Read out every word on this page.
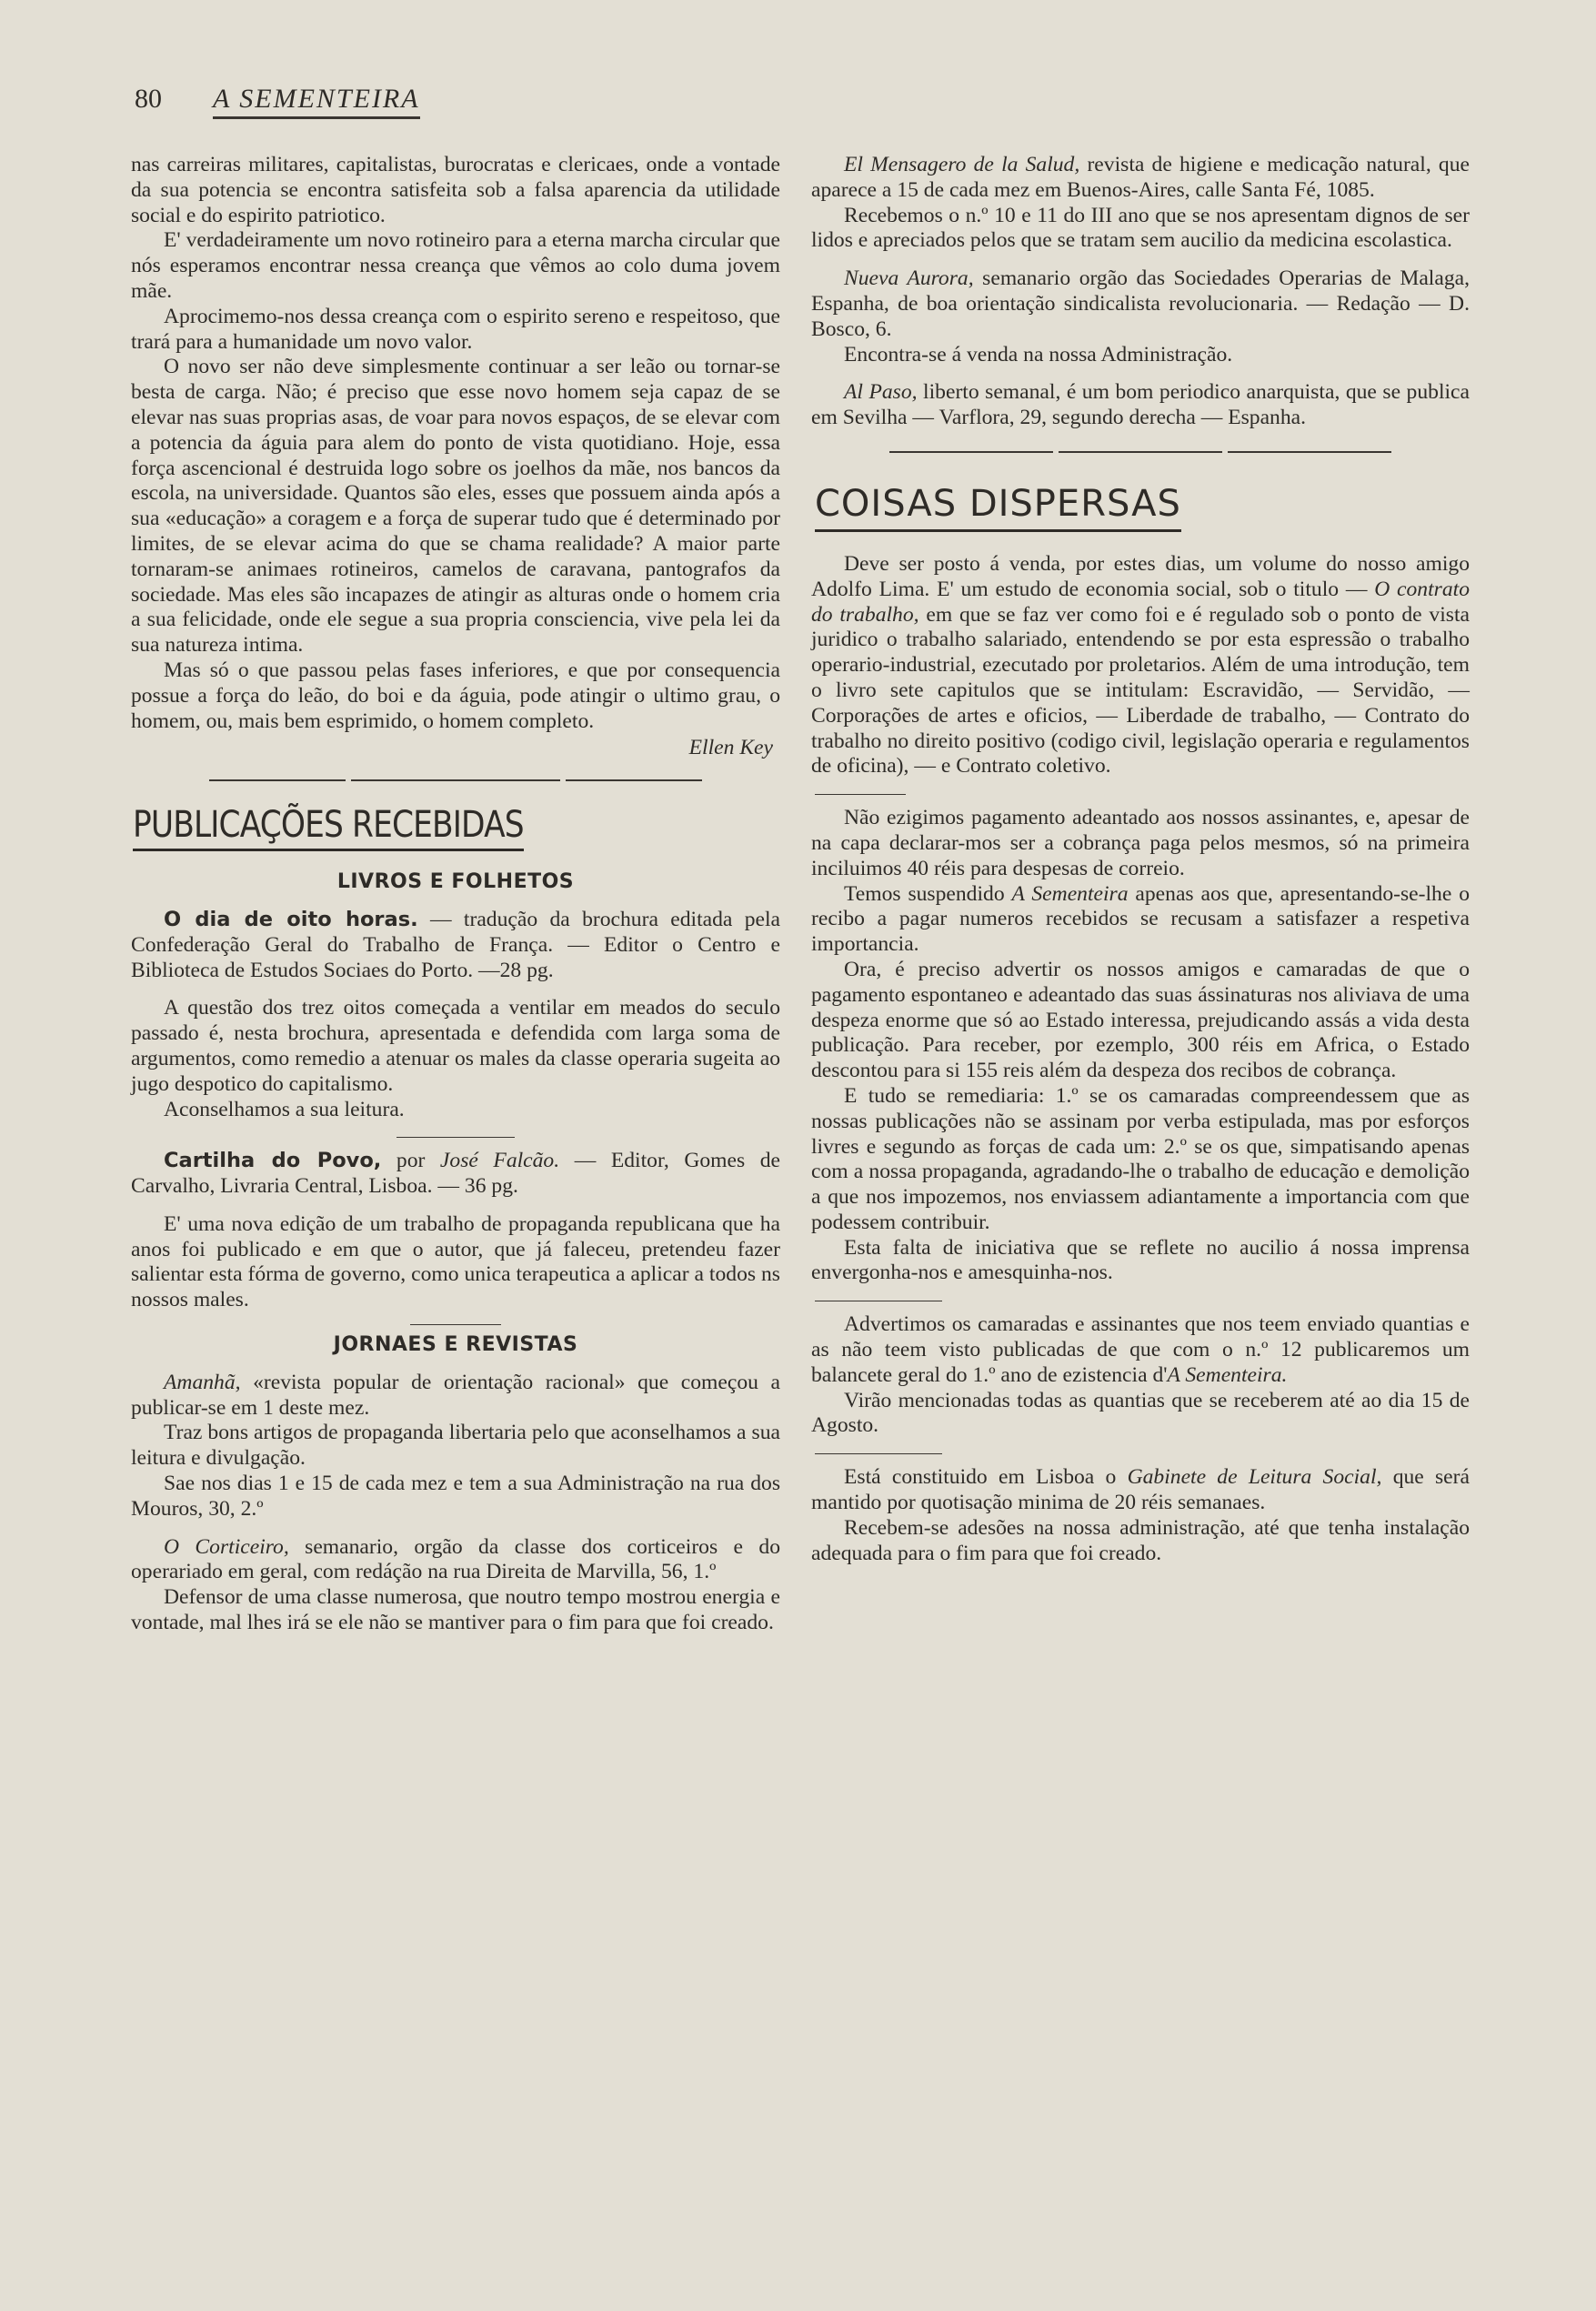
80 A SEMENTEIRA

nas carreiras militares, capitalistas, burocratas e clericaes, onde a vontade da sua potencia se encontra satisfeita sob a falsa aparencia da utilidade social e do espirito patriotico.

E' verdadeiramente um novo rotineiro para a eterna marcha circular que nós esperamos encontrar nessa creança que vêmos ao colo duma jovem mãe.

Aprocimemo-nos dessa creança com o espirito sereno e respeitoso, que trará para a humanidade um novo valor.

O novo ser não deve simplesmente continuar a ser leão ou tornar-se besta de carga. Não; é preciso que esse novo homem seja capaz de se elevar nas suas proprias asas, de voar para novos espaços, de se elevar com a potencia da águia para alem do ponto de vista quotidiano. Hoje, essa força ascencional é destruida logo sobre os joelhos da mãe, nos bancos da escola, na universidade. Quantos são eles, esses que possuem ainda após a sua «educação» a coragem e a força de superar tudo que é determinado por limites, de se elevar acima do que se chama realidade? A maior parte tornaram-se animaes rotineiros, camelos de caravana, pantografos da sociedade. Mas eles são incapazes de atingir as alturas onde o homem cria a sua felicidade, onde ele segue a sua propria consciencia, vive pela lei da sua natureza intima.

Mas só o que passou pelas fases inferiores, e que por consequencia possue a força do leão, do boi e da águia, pode atingir o ultimo grau, o homem, ou, mais bem esprimido, o homem completo.

Ellen Key

PUBLICAÇÕES RECEBIDAS
LIVROS E FOLHETOS

O dia de oito horas. — tradução da brochura editada pela Confederação Geral do Trabalho de França. — Editor o Centro e Biblioteca de Estudos Sociaes do Porto. —28 pg.

A questão dos trez oitos começada a ventilar em meados do seculo passado é, nesta brochura, apresentada e defendida com larga soma de argumentos, como remedio a atenuar os males da classe operaria sugeita ao jugo despotico do capitalismo.

Aconselhamos a sua leitura.

Cartilha do Povo, por José Falcão. — Editor, Gomes de Carvalho, Livraria Central, Lisboa. — 36 pg.

E' uma nova edição de um trabalho de propaganda republicana que ha anos foi publicado e em que o autor, que já faleceu, pretendeu fazer salientar esta fórma de governo, como unica terapeutica a aplicar a todos ns nossos males.

JORNAES E REVISTAS

Amanhã, «revista popular de orientação racional» que começou a publicar-se em 1 deste mez.

Traz bons artigos de propaganda libertaria pelo que aconselhamos a sua leitura e divulgação.

Sae nos dias 1 e 15 de cada mez e tem a sua Administração na rua dos Mouros, 30, 2.º

O Corticeiro, semanario, orgão da classe dos corticeiros e do operariado em geral, com redáção na rua Direita de Marvilla, 56, 1.º

Defensor de uma classe numerosa, que noutro tempo mostrou energia e vontade, mal lhes irá se ele não se mantiver para o fim para que foi creado.

El Mensagero de la Salud, revista de higiene e medicação natural, que aparece a 15 de cada mez em Buenos-Aires, calle Santa Fé, 1085.

Recebemos o n.º 10 e 11 do III ano que se nos apresentam dignos de ser lidos e apreciados pelos que se tratam sem aucilio da medicina escolastica.

Nueva Aurora, semanario orgão das Sociedades Operarias de Malaga, Espanha, de boa orientação sindicalista revolucionaria. — Redação — D. Bosco, 6.

Encontra-se á venda na nossa Administração.

Al Paso, liberto semanal, é um bom periodico anarquista, que se publica em Sevilha — Varflora, 29, segundo derecha — Espanha.

COISAS DISPERSAS

Deve ser posto á venda, por estes dias, um volume do nosso amigo Adolfo Lima. E' um estudo de economia social, sob o titulo — O contrato do trabalho, em que se faz ver como foi e é regulado sob o ponto de vista juridico o trabalho salariado, entendendo se por esta espressão o trabalho operario-industrial, ezecutado por proletarios. Além de uma introdução, tem o livro sete capitulos que se intitulam: Escravidão, — Servidão, — Corporações de artes e oficios, — Liberdade de trabalho, — Contrato do trabalho no direito positivo (codigo civil, legislação operaria e regulamentos de oficina), — e Contrato coletivo.

Não ezigimos pagamento adeantado aos nossos assinantes, e, apesar de na capa declarar-mos ser a cobrança paga pelos mesmos, só na primeira inciluimos 40 réis para despesas de correio.

Temos suspendido A Sementeira apenas aos que, apresentando-se-lhe o recibo a pagar numeros recebidos se recusam a satisfazer a respetiva importancia.

Ora, é preciso advertir os nossos amigos e camaradas de que o pagamento espontaneo e adeantado das suas ássinaturas nos aliviava de uma despeza enorme que só ao Estado interessa, prejudicando assás a vida desta publicação. Para receber, por ezemplo, 300 réis em Africa, o Estado descontou para si 155 reis além da despeza dos recibos de cobrança.

E tudo se remediaria: 1.º se os camaradas compreendessem que as nossas publicações não se assinam por verba estipulada, mas por esforços livres e segundo as forças de cada um: 2.º se os que, simpatisando apenas com a nossa propaganda, agradando-lhe o trabalho de educação e demolição a que nos impozemos, nos enviassem adiantamente a importancia com que podessem contribuir.

Esta falta de iniciativa que se reflete no aucilio á nossa imprensa envergonha-nos e amesquinha-nos.

Advertimos os camaradas e assinantes que nos teem enviado quantias e as não teem visto publicadas de que com o n.º 12 publicaremos um balancete geral do 1.º ano de ezistencia d'A Sementeira.

Virão mencionadas todas as quantias que se receberem até ao dia 15 de Agosto.

Está constituido em Lisboa o Gabinete de Leitura Social, que será mantido por quotisação minima de 20 réis semanaes.

Recebem-se adesões na nossa administração, até que tenha instalação adequada para o fim para que foi creado.
